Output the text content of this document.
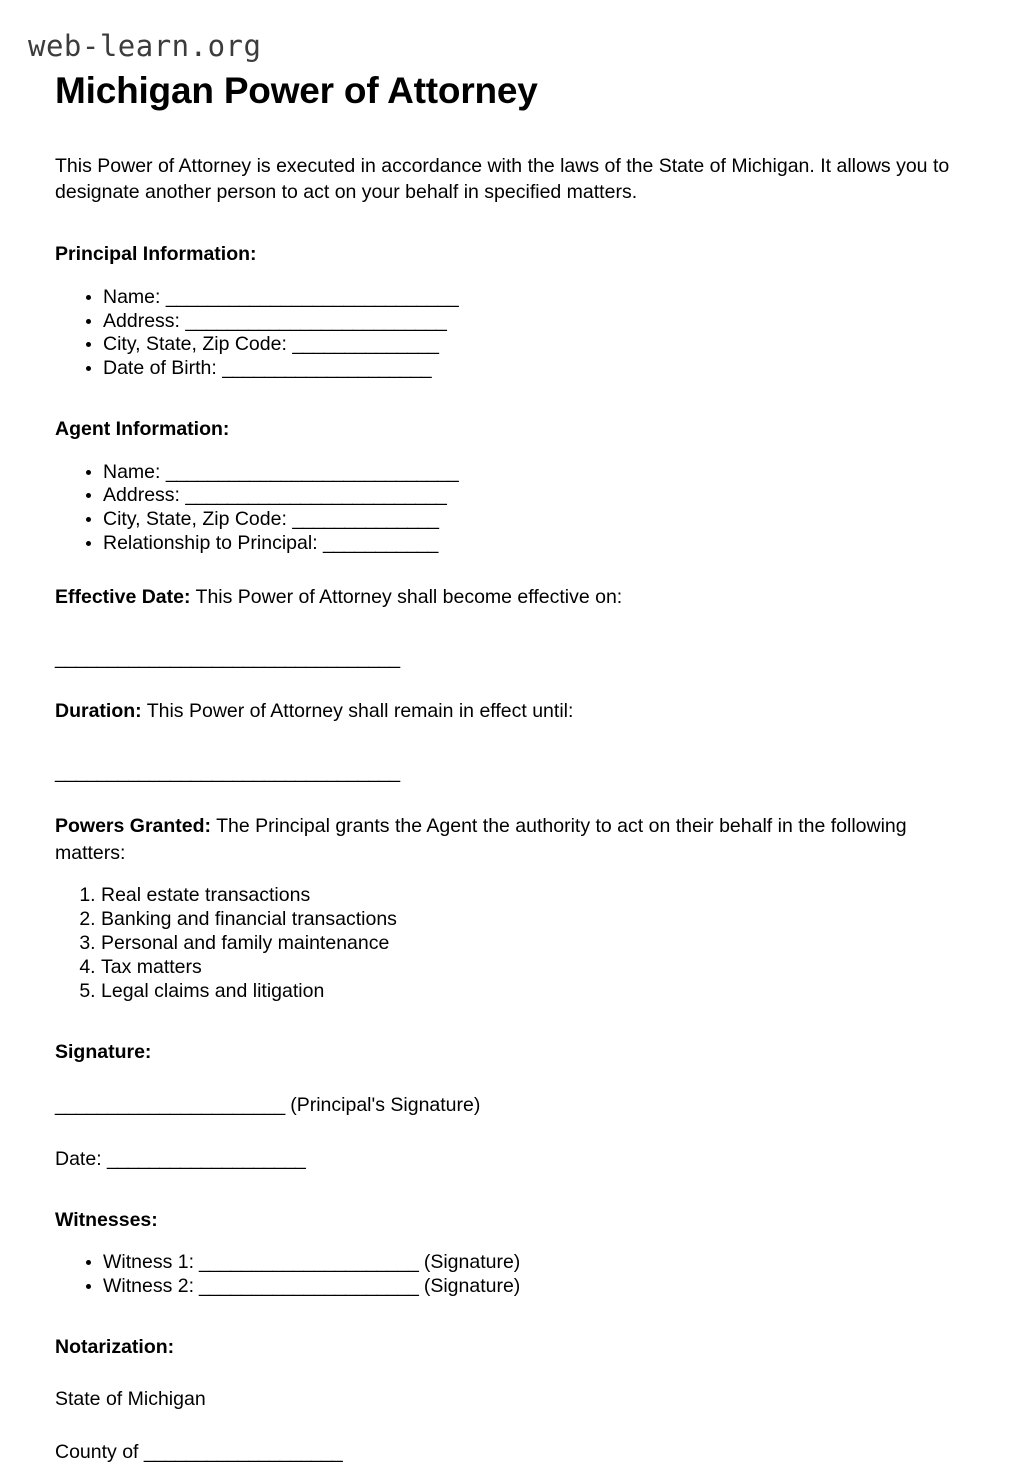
web-learn.org
Michigan Power of Attorney

This Power of Attorney is executed in accordance with the laws of the State of Michigan. It allows you to designate another person to act on your behalf in specified matters.

Principal Information:
• Name: ____________________________
• Address: _________________________
• City, State, Zip Code: ______________
• Date of Birth: ____________________
Agent Information:
• Name: ____________________________
• Address: _________________________
• City, State, Zip Code: ______________
• Relationship to Principal: ___________

Effective Date: This Power of Attorney shall become effective on:

_________________________________

Duration: This Power of Attorney shall remain in effect until:

_________________________________

Powers Granted: The Principal grants the Agent the authority to act on their behalf in the following matters:

1. Real estate transactions
2. Banking and financial transactions
3. Personal and family maintenance
4. Tax matters
5. Legal claims and litigation
Signature:
______________________ (Principal's Signature)
Date: ___________________
Witnesses:
• Witness 1: _____________________ (Signature)
• Witness 2: _____________________ (Signature)
Notarization:
State of Michigan
County of ___________________
